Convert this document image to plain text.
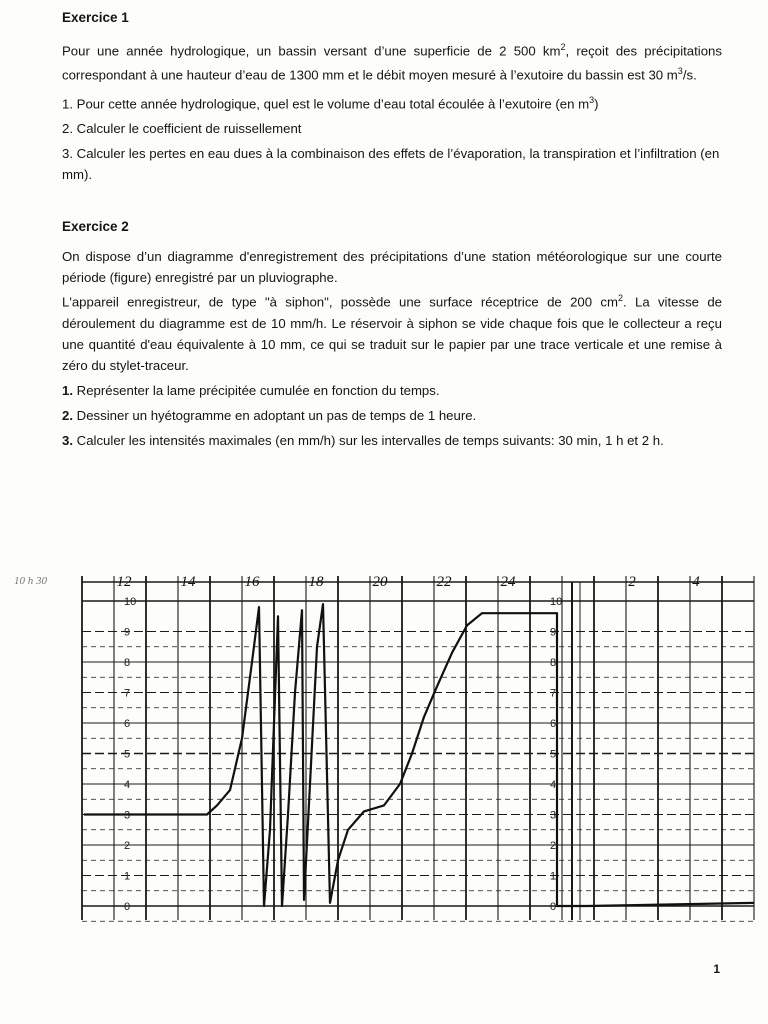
Exercice 1

Pour une année hydrologique, un bassin versant d’une superficie de 2 500 $km^2$, reçoit des précipitations correspondant à une hauteur d’eau de 1300 mm et le débit moyen mesuré à l’exutoire du bassin est 30 $m^3/s$.

1. Pour cette année hydrologique, quel est le volume d’eau total écoulée à l’exutoire (en $m^3$)

2. Calculer le coefficient de ruissellement

3. Calculer les pertes en eau dues à la combinaison des effets de l’évaporation, la transpiration et l’infiltration (en mm).

Exercice 2

On dispose d’un diagramme d'enregistrement des précipitations d’une station météorologique sur une courte période (figure) enregistré par un pluviographe.

L'appareil enregistreur, de type "à siphon", possède une surface réceptrice de 200 $cm^2$. La vitesse de déroulement du diagramme est de 10 mm/h. Le réservoir à siphon se vide chaque fois que le collecteur a reçu une quantité d'eau équivalente à 10 mm, ce qui se traduit sur le papier par une trace verticale et une remise à zéro du stylet-traceur.

1. Représenter la lame précipitée cumulée en fonction du temps.

2. Dessiner un hyétogramme en adoptant un pas de temps de 1 heure.

3. Calculer les intensités maximales (en mm/h) sur les intervalles de temps suivants: 30 min, 1 h et 2 h.

12	14	16	18	20	22	24	2	4
10
9
8
7
6
5
4
3
2
1
0
10
9
8
7
6
5
4
3
2
1
0
10 h 30
1
